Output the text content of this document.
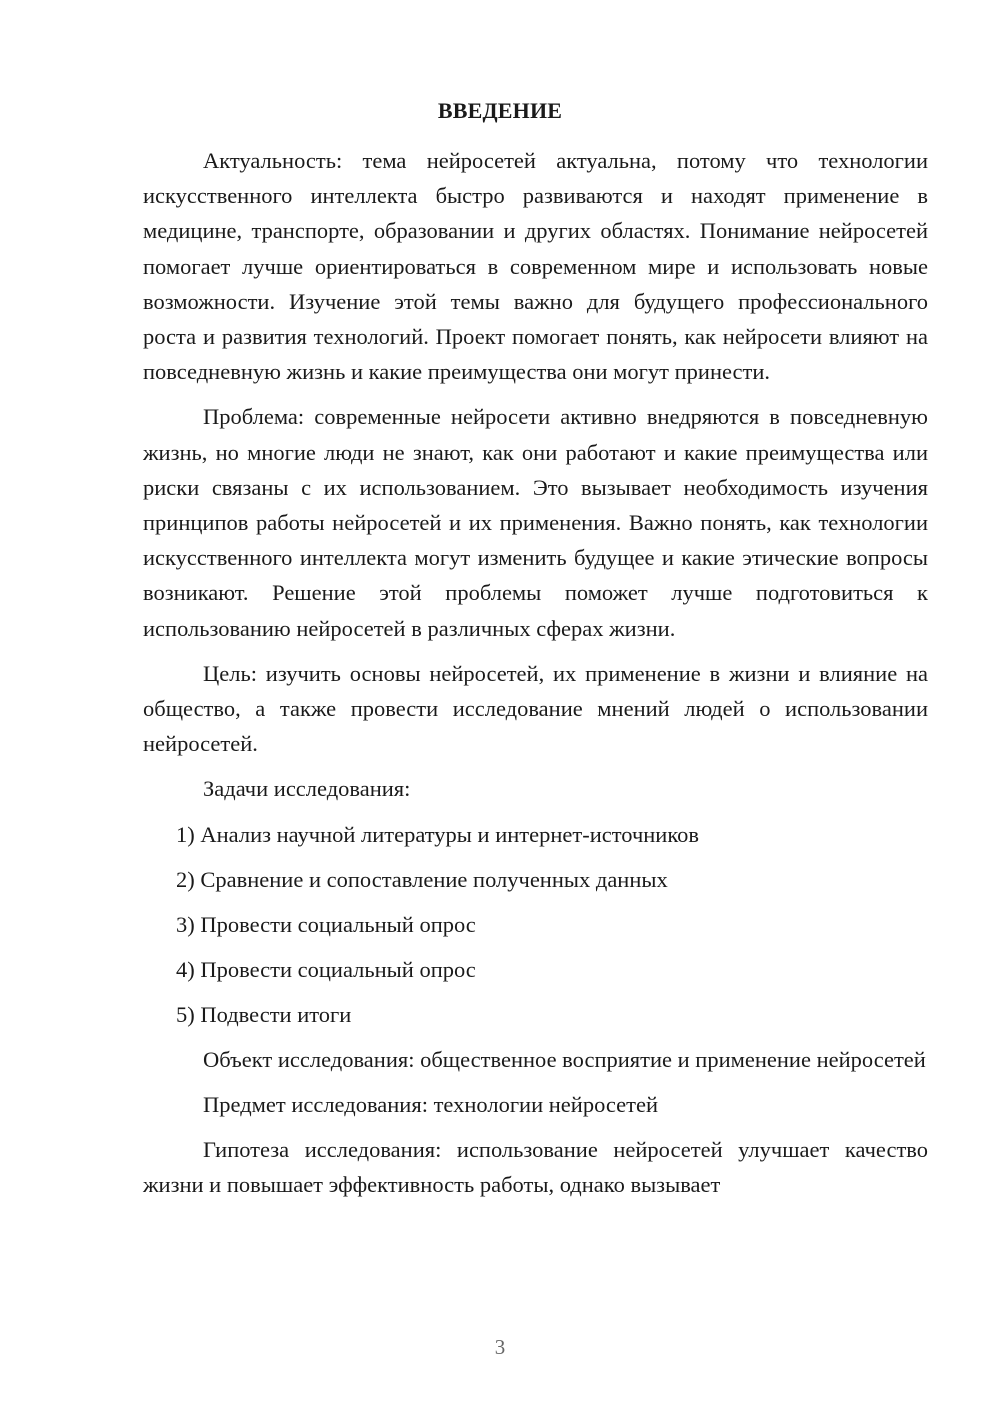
ВВЕДЕНИЕ

Актуальность: тема нейросетей актуальна, потому что технологии искусственного интеллекта быстро развиваются и находят применение в медицине, транспорте, образовании и других областях. Понимание нейросетей помогает лучше ориентироваться в современном мире и использовать новые возможности. Изучение этой темы важно для будущего профессионального роста и развития технологий. Проект помогает понять, как нейросети влияют на повседневную жизнь и какие преимущества они могут принести.

Проблема: современные нейросети активно внедряются в повседневную жизнь, но многие люди не знают, как они работают и какие преимущества или риски связаны с их использованием. Это вызывает необходимость изучения принципов работы нейросетей и их применения. Важно понять, как технологии искусственного интеллекта могут изменить будущее и какие этические вопросы возникают. Решение этой проблемы поможет лучше подготовиться к использованию нейросетей в различных сферах жизни.

Цель: изучить основы нейросетей, их применение в жизни и влияние на общество, а также провести исследование мнений людей о использовании нейросетей.

Задачи исследования:

1) Анализ научной литературы и интернет-источников
2) Сравнение и сопоставление полученных данных
3) Провести социальный опрос
4) Провести социальный опрос
5) Подвести итоги

Объект исследования: общественное восприятие и применение нейросетей

Предмет исследования: технологии нейросетей

Гипотеза исследования: использование нейросетей улучшает качество жизни и повышает эффективность работы, однако вызывает

3
